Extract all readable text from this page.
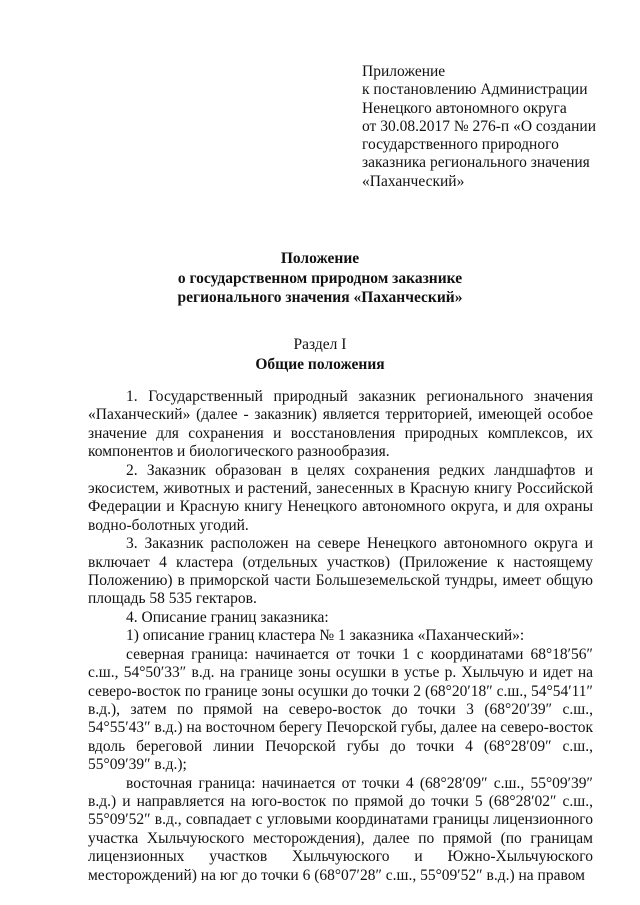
Приложение
к постановлению Администрации
Ненецкого автономного округа
от 30.08.2017 № 276-п «О создании
государственного природного
заказника регионального значения
«Паханческий»
Положение
о государственном природном заказнике
регионального значения «Паханческий»
Раздел I
Общие положения

1. Государственный природный заказник регионального значения «Паханческий» (далее - заказник) является территорией, имеющей особое значение для сохранения и восстановления природных комплексов, их компонентов и биологического разнообразия.

2. Заказник образован в целях сохранения редких ландшафтов и экосистем, животных и растений, занесенных в Красную книгу Российской Федерации и Красную книгу Ненецкого автономного округа, и для охраны водно-болотных угодий.

3. Заказник расположен на севере Ненецкого автономного округа и включает 4 кластера (отдельных участков) (Приложение к настоящему Положению) в приморской части Большеземельской тундры, имеет общую площадь 58 535 гектаров.

4. Описание границ заказника:

1) описание границ кластера № 1 заказника «Паханческий»:

северная граница: начинается от точки 1 с координатами 68°18′56″ с.ш., 54°50′33″ в.д. на границе зоны осушки в устье р. Хыльчую и идет на северо-восток по границе зоны осушки до точки 2 (68°20′18″ с.ш., 54°54′11″ в.д.), затем по прямой на северо-восток до точки 3 (68°20′39″ с.ш., 54°55′43″ в.д.) на восточном берегу Печорской губы, далее на северо-восток вдоль береговой линии Печорской губы до точки 4 (68°28′09″ с.ш., 55°09′39″ в.д.);

восточная граница: начинается от точки 4 (68°28′09″ с.ш., 55°09′39″ в.д.) и направляется на юго-восток по прямой до точки 5 (68°28′02″ с.ш., 55°09′52″ в.д., совпадает с угловыми координатами границы лицензионного участка Хыльчуюского месторождения), далее по прямой (по границам лицензионных участков Хыльчуюского и Южно-Хыльчуюского месторождений) на юг до точки 6 (68°07′28″ с.ш., 55°09′52″ в.д.) на правом
